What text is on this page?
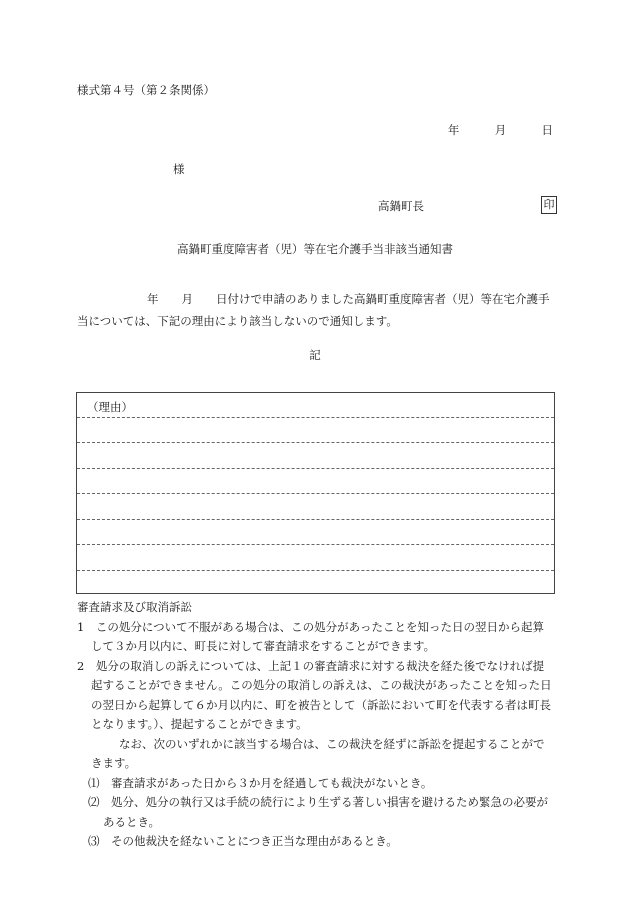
様式第４号（第２条関係）
年	月	日
様
高鍋町長	印
高鍋町重度障害者（児）等在宅介護手当非該当通知書
年　　月　　日付けで申請のありました高鍋町重度障害者（児）等在宅介護手当については、下記の理由により該当しないので通知します。
記
（理由）

審査請求及び取消訴訟

1　この処分について不服がある場合は、この処分があったことを知った日の翌日から起算して３か月以内に、町長に対して審査請求をすることができます。

2　処分の取消しの訴えについては、上記１の審査請求に対する裁決を経た後でなければ提起することができません。この処分の取消しの訴えは、この裁決があったことを知った日の翌日から起算して６か月以内に、町を被告として（訴訟において町を代表する者は町長となります。）、提起することができます。

なお、次のいずれかに該当する場合は、この裁決を経ずに訴訟を提起することができます。

⑴　審査請求があった日から３か月を経過しても裁決がないとき。

⑵　処分、処分の執行又は手続の続行により生ずる著しい損害を避けるため緊急の必要があるとき。

⑶　その他裁決を経ないことにつき正当な理由があるとき。
